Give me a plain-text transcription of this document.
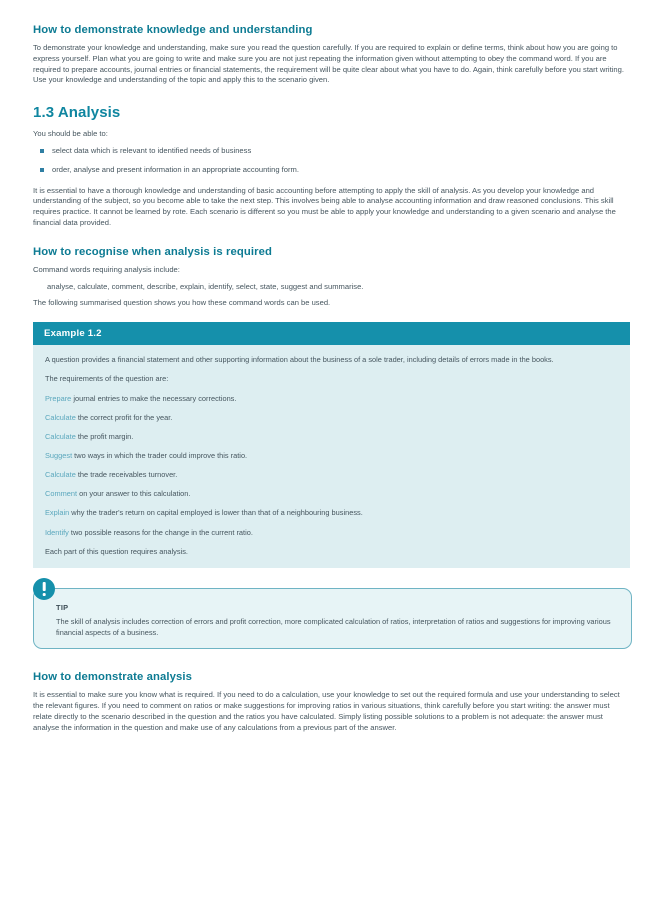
How to demonstrate knowledge and understanding

To demonstrate your knowledge and understanding, make sure you read the question carefully. If you are required to explain or define terms, think about how you are going to express yourself. Plan what you are going to write and make sure you are not just repeating the information given without attempting to obey the command word. If you are required to prepare accounts, journal entries or financial statements, the requirement will be quite clear about what you have to do. Again, think carefully before you start writing. Use your knowledge and understanding of the topic and apply this to the scenario given.

1.3 Analysis

You should be able to:

select data which is relevant to identified needs of business
order, analyse and present information in an appropriate accounting form.

It is essential to have a thorough knowledge and understanding of basic accounting before attempting to apply the skill of analysis. As you develop your knowledge and understanding of the subject, so you become able to take the next step. This involves being able to analyse accounting information and draw reasoned conclusions. This skill requires practice. It cannot be learned by rote. Each scenario is different so you must be able to apply your knowledge and understanding to a given scenario and analyse the financial data provided.

How to recognise when analysis is required

Command words requiring analysis include:

analyse, calculate, comment, describe, explain, identify, select, state, suggest and summarise.

The following summarised question shows you how these command words can be used.

Example 1.2

A question provides a financial statement and other supporting information about the business of a sole trader, including details of errors made in the books.

The requirements of the question are:

Prepare journal entries to make the necessary corrections.

Calculate the correct profit for the year.

Calculate the profit margin.

Suggest two ways in which the trader could improve this ratio.

Calculate the trade receivables turnover.

Comment on your answer to this calculation.

Explain why the trader's return on capital employed is lower than that of a neighbouring business.

Identify two possible reasons for the change in the current ratio.

Each part of this question requires analysis.

TIP

The skill of analysis includes correction of errors and profit correction, more complicated calculation of ratios, interpretation of ratios and suggestions for improving various financial aspects of a business.

How to demonstrate analysis

It is essential to make sure you know what is required. If you need to do a calculation, use your knowledge to set out the required formula and use your understanding to select the relevant figures. If you need to comment on ratios or make suggestions for improving ratios in various situations, think carefully before you start writing: the answer must relate directly to the scenario described in the question and the ratios you have calculated. Simply listing possible solutions to a problem is not adequate: the answer must analyse the information in the question and make use of any calculations from a previous part of the answer.
